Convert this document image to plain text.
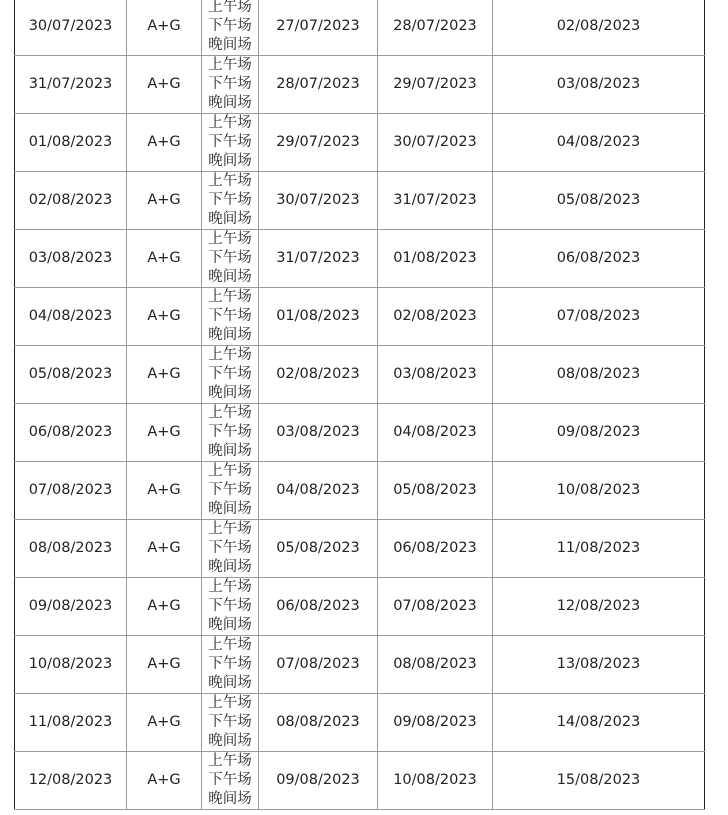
30/07/2023	A+G	上午场
下午场
晚间场	27/07/2023	28/07/2023	02/08/2023
31/07/2023	A+G	上午场
下午场
晚间场	28/07/2023	29/07/2023	03/08/2023
01/08/2023	A+G	上午场
下午场
晚间场	29/07/2023	30/07/2023	04/08/2023
02/08/2023	A+G	上午场
下午场
晚间场	30/07/2023	31/07/2023	05/08/2023
03/08/2023	A+G	上午场
下午场
晚间场	31/07/2023	01/08/2023	06/08/2023
04/08/2023	A+G	上午场
下午场
晚间场	01/08/2023	02/08/2023	07/08/2023
05/08/2023	A+G	上午场
下午场
晚间场	02/08/2023	03/08/2023	08/08/2023
06/08/2023	A+G	上午场
下午场
晚间场	03/08/2023	04/08/2023	09/08/2023
07/08/2023	A+G	上午场
下午场
晚间场	04/08/2023	05/08/2023	10/08/2023
08/08/2023	A+G	上午场
下午场
晚间场	05/08/2023	06/08/2023	11/08/2023
09/08/2023	A+G	上午场
下午场
晚间场	06/08/2023	07/08/2023	12/08/2023
10/08/2023	A+G	上午场
下午场
晚间场	07/08/2023	08/08/2023	13/08/2023
11/08/2023	A+G	上午场
下午场
晚间场	08/08/2023	09/08/2023	14/08/2023
12/08/2023	A+G	上午场
下午场
晚间场	09/08/2023	10/08/2023	15/08/2023
